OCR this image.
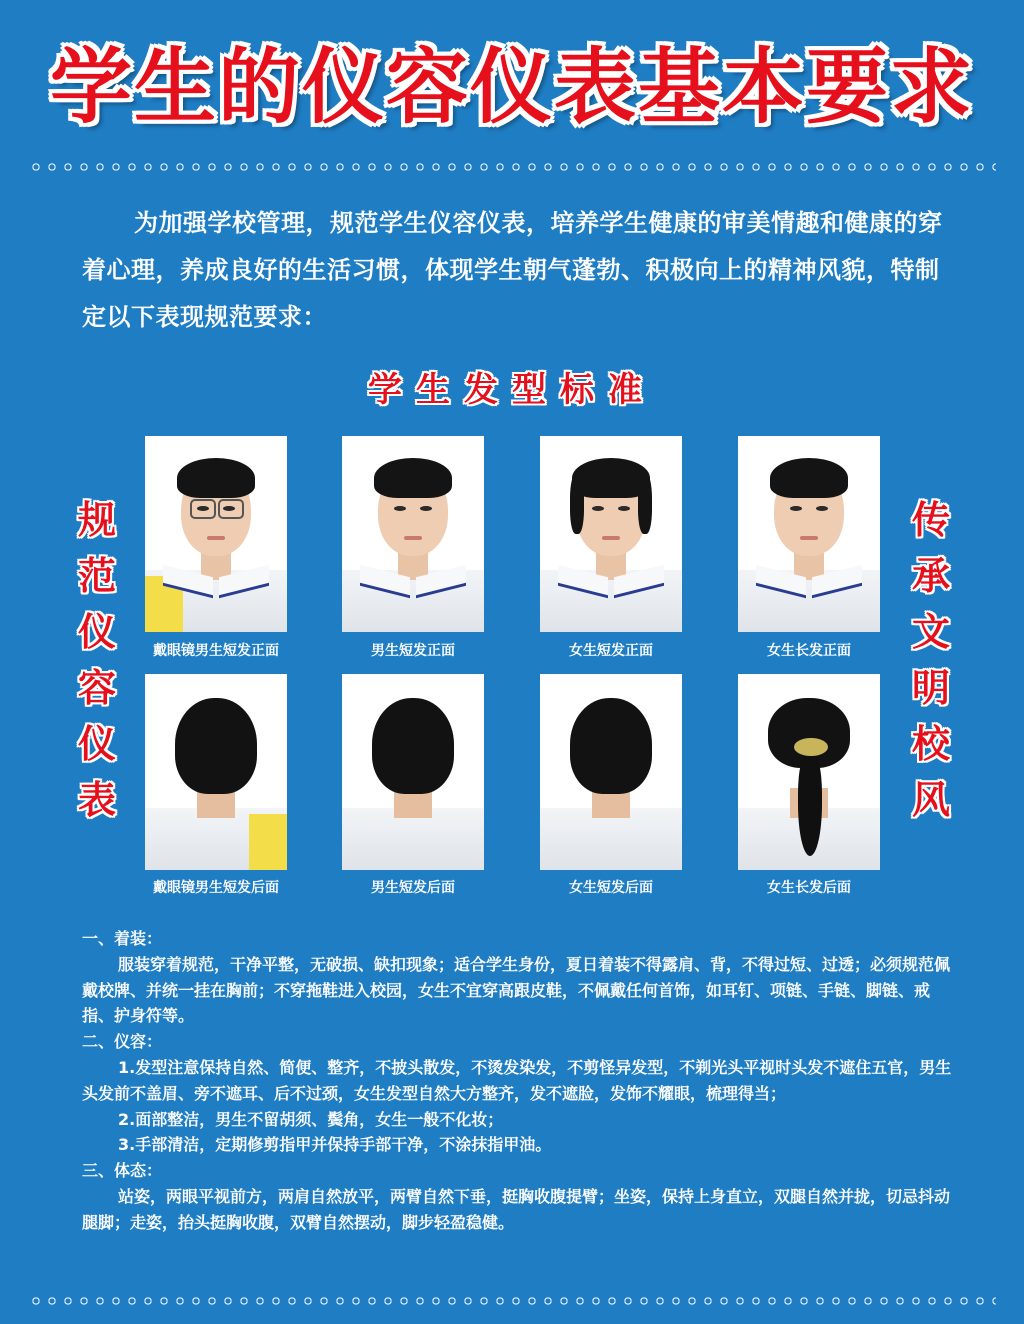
学生的仪容仪表基本要求
为加强学校管理，规范学生仪容仪表，培养学生健康的审美情趣和健康的穿着心理，养成良好的生活习惯，体现学生朝气蓬勃、积极向上的精神风貌，特制定以下表现规范要求：
学生发型标准
规
范
仪
容
仪
表
传
承
文
明
校
风
戴眼镜男生短发正面	男生短发正面	女生短发正面	女生长发正面
戴眼镜男生短发后面	男生短发后面	女生短发后面	女生长发后面
一、着装：
服装穿着规范，干净平整，无破损、缺扣现象；适合学生身份，夏日着装不得露肩、背，不得过短、过透；必须规范佩戴校牌、并统一挂在胸前；不穿拖鞋进入校园，女生不宜穿高跟皮鞋，不佩戴任何首饰，如耳钉、项链、手链、脚链、戒指、护身符等。
二、仪容：
1.发型注意保持自然、简便、整齐，不披头散发，不烫发染发，不剪怪异发型，不剃光头平视时头发不遮住五官，男生头发前不盖眉、旁不遮耳、后不过颈，女生发型自然大方整齐，发不遮脸，发饰不耀眼，梳理得当；
2.面部整洁，男生不留胡须、鬓角，女生一般不化妆；
3.手部清洁，定期修剪指甲并保持手部干净，不涂抹指甲油。
三、体态：
站姿，两眼平视前方，两肩自然放平，两臂自然下垂，挺胸收腹提臂；坐姿，保持上身直立，双腿自然并拢，切忌抖动腿脚；走姿，抬头挺胸收腹，双臂自然摆动，脚步轻盈稳健。
